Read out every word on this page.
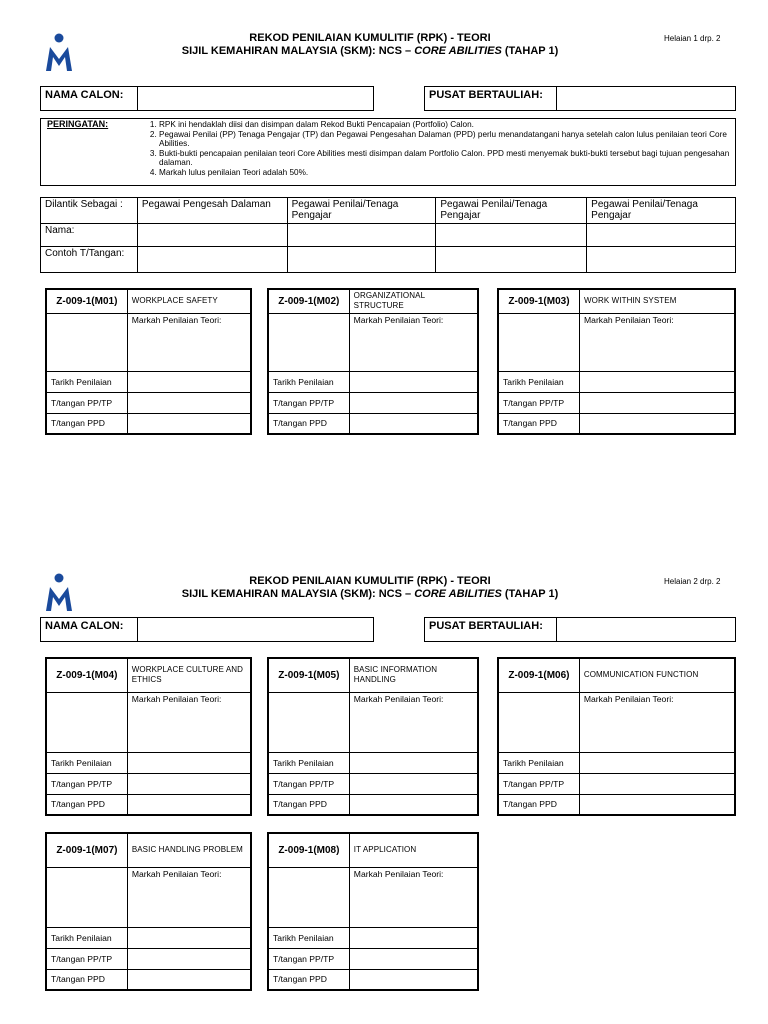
REKOD PENILAIAN KUMULITIF (RPK) - TEORI
SIJIL KEMAHIRAN MALAYSIA (SKM): NCS – CORE ABILITIES (TAHAP 1)
Helaian 1 drp. 2
NAMA CALON:	PUSAT BERTAULIAH:
PERINGATAN:	1. RPK ini hendaklah diisi dan disimpan dalam Rekod Bukti Pencapaian (Portfolio) Calon.
2. Pegawai Penilai (PP) Tenaga Pengajar (TP) dan Pegawai Pengesahan Dalaman (PPD) perlu menandatangani hanya setelah calon lulus penilaian teori Core Abilities.
3. Bukti-bukti pencapaian penilaian teori Core Abilities mesti disimpan dalam Portfolio Calon. PPD mesti menyemak bukti-bukti tersebut bagi tujuan pengesahan dalaman.
4. Markah lulus penilaian Teori adalah 50%.
Dilantik Sebagai :	Pegawai Pengesah Dalaman	Pegawai Penilai/Tenaga Pengajar	Pegawai Penilai/Tenaga Pengajar	Pegawai Penilai/Tenaga Pengajar
Nama:				
Contoh T/Tangan:				
REKOD PENILAIAN KUMULITIF (RPK) - TEORI
SIJIL KEMAHIRAN MALAYSIA (SKM): NCS – CORE ABILITIES (TAHAP 1)
Helaian 2 drp. 2
NAMA CALON:	PUSAT BERTAULIAH:
Z-009-1(M01)	WORKPLACE SAFETY
	Markah Penilaian Teori:
Tarikh Penilaian	
T/tangan PP/TP	
T/tangan PPD	
Z-009-1(M02)	ORGANIZATIONAL STRUCTURE
	Markah Penilaian Teori:
Tarikh Penilaian	
T/tangan PP/TP	
T/tangan PPD	
Z-009-1(M03)	WORK WITHIN SYSTEM
	Markah Penilaian Teori:
Tarikh Penilaian	
T/tangan PP/TP	
T/tangan PPD	
Z-009-1(M04)	WORKPLACE CULTURE AND ETHICS
	Markah Penilaian Teori:
Tarikh Penilaian	
T/tangan PP/TP	
T/tangan PPD	
Z-009-1(M05)	BASIC INFORMATION HANDLING
	Markah Penilaian Teori:
Tarikh Penilaian	
T/tangan PP/TP	
T/tangan PPD	
Z-009-1(M06)	COMMUNICATION FUNCTION
	Markah Penilaian Teori:
Tarikh Penilaian	
T/tangan PP/TP	
T/tangan PPD	
Z-009-1(M07)	BASIC HANDLING PROBLEM
	Markah Penilaian Teori:
Tarikh Penilaian	
T/tangan PP/TP	
T/tangan PPD	
Z-009-1(M08)	IT APPLICATION
	Markah Penilaian Teori:
Tarikh Penilaian	
T/tangan PP/TP	
T/tangan PPD	
